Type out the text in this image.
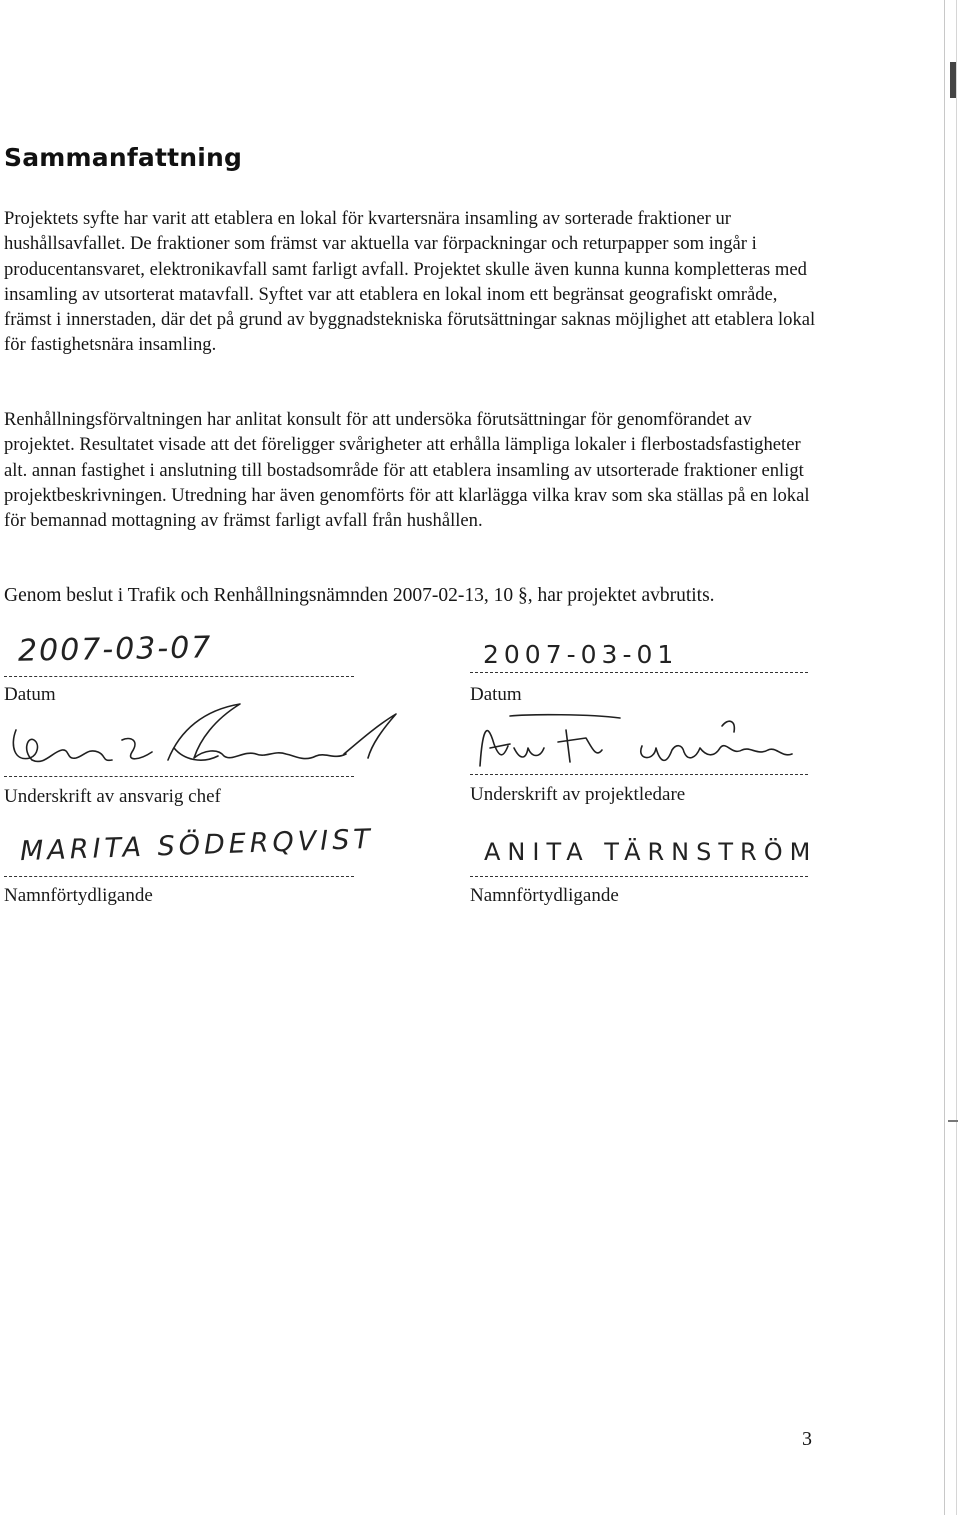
Sammanfattning

Projektets syfte har varit att etablera en lokal för kvartersnära insamling av sorterade fraktioner ur hushållsavfallet. De fraktioner som främst var aktuella var förpackningar och returpapper som ingår i producentansvaret, elektronikavfall samt farligt avfall. Projektet skulle även kunna kunna kompletteras med insamling av utsorterat matavfall. Syftet var att etablera en lokal inom ett begränsat geografiskt område, främst i innerstaden, där det på grund av byggnadstekniska förutsättningar saknas möjlighet att etablera lokal för fastighetsnära insamling.

Renhållningsförvaltningen har anlitat konsult för att undersöka förutsättningar för genomförandet av projektet. Resultatet visade att det föreligger svårigheter att erhålla lämpliga lokaler i flerbostadsfastigheter alt. annan fastighet i anslutning till bostadsområde för att etablera insamling av utsorterade fraktioner enligt projektbeskrivningen. Utredning har även genomförts för att klarlägga vilka krav som ska ställas på en lokal för bemannad mottagning av främst farligt avfall från hushållen.

Genom beslut i Trafik och Renhållningsnämnden 2007-02-13, 10 §, har projektet avbrutits.

2007-03-07
Datum
Underskrift av ansvarig chef
MARITA SÖDERQVIST
Namnförtydligande
2007-03-01
Datum
Underskrift av projektledare
ANITA TÄRNSTRÖM
Namnförtydligande
3
